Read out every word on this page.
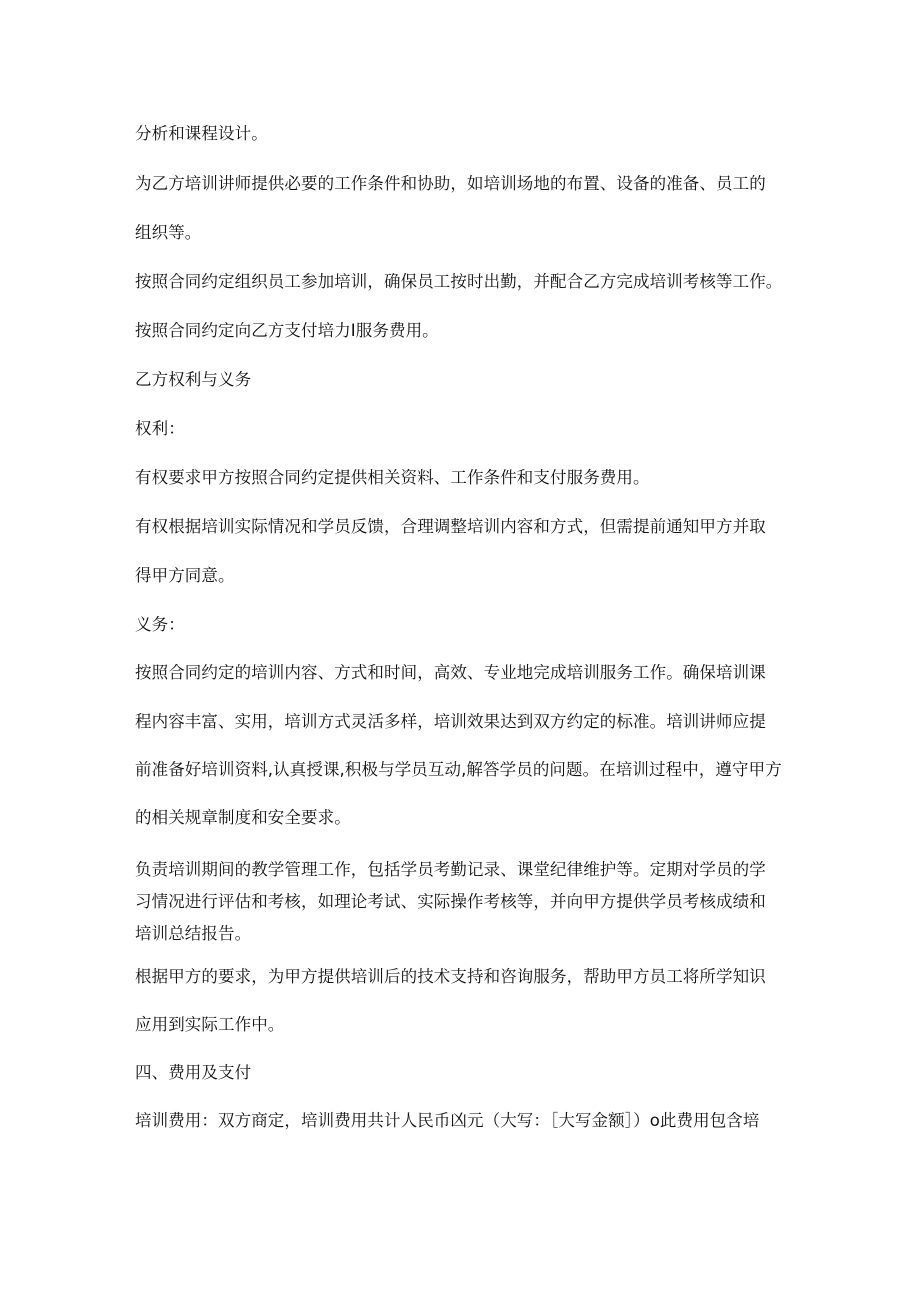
分析和课程设计。

为乙方培训讲师提供必要的工作条件和协助，如培训场地的布置、设备的准备、员工的

组织等。

按照合同约定组织员工参加培训，确保员工按时出勤，并配合乙方完成培训考核等工作。

按照合同约定向乙方支付培力I服务费用。

乙方权利与义务

权利：

有权要求甲方按照合同约定提供相关资料、工作条件和支付服务费用。

有权根据培训实际情况和学员反馈，合理调整培训内容和方式，但需提前通知甲方并取

得甲方同意。

义务：

按照合同约定的培训内容、方式和时间，高效、专业地完成培训服务工作。确保培训课

程内容丰富、实用，培训方式灵活多样，培训效果达到双方约定的标准。培训讲师应提

前准备好培训资料,认真授课,积极与学员互动,解答学员的问题。在培训过程中，遵守甲方

的相关规章制度和安全要求。

负责培训期间的教学管理工作，包括学员考勤记录、课堂纪律维护等。定期对学员的学

习情况进行评估和考核，如理论考试、实际操作考核等，并向甲方提供学员考核成绩和

培训总结报告。

根据甲方的要求，为甲方提供培训后的技术支持和咨询服务，帮助甲方员工将所学知识

应用到实际工作中。

四、费用及支付

培训费用：双方商定，培训费用共计人民币凶元（大写：［大写金额］）o此费用包含培
